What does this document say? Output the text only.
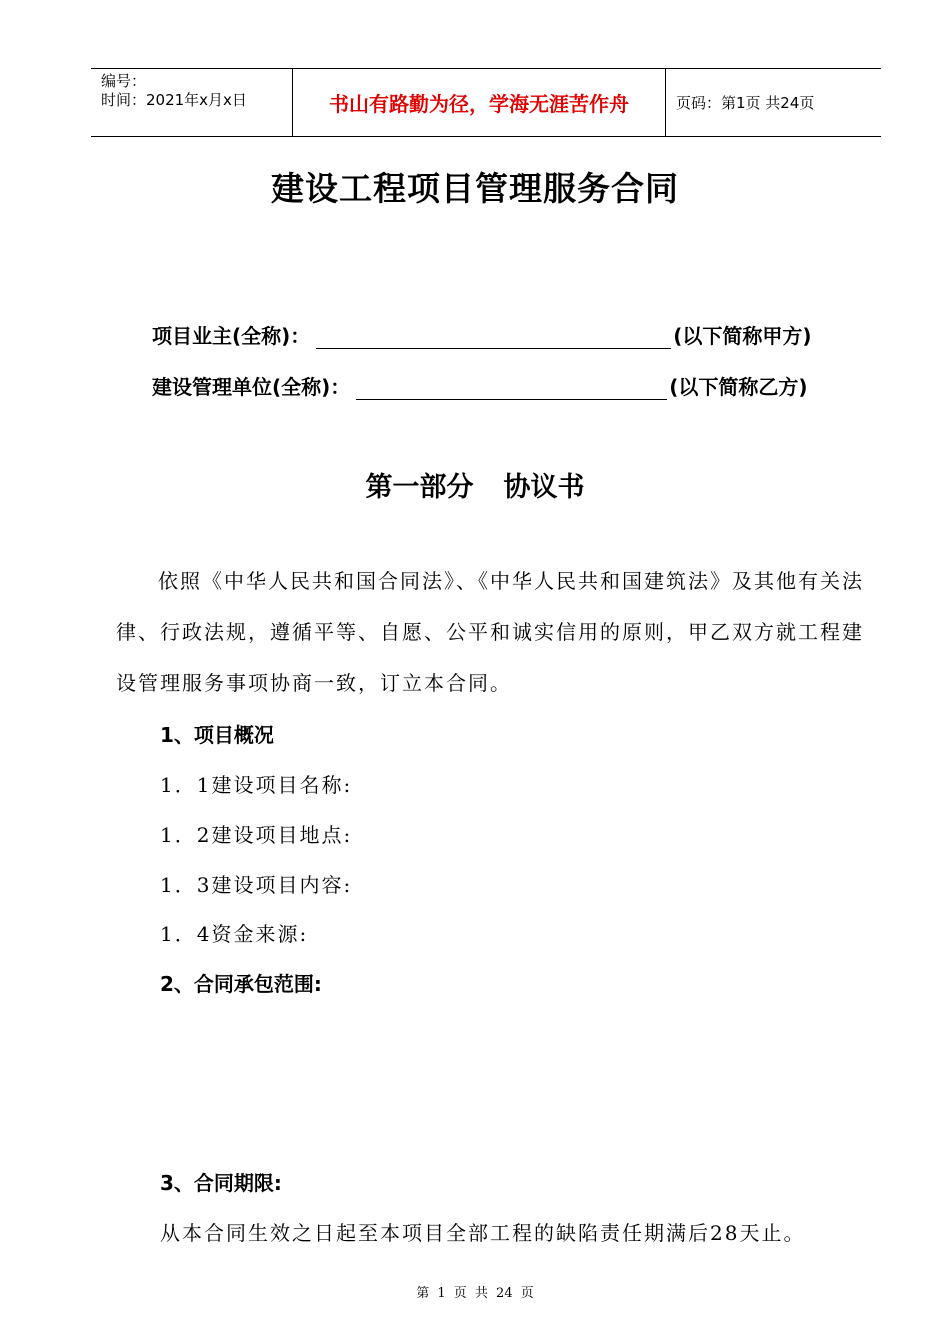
编号：
时间：2021年x月x日	书山有路勤为径，学海无涯苦作舟	页码：第1页 共24页
建设工程项目管理服务合同
项目业主(全称)：	(以下简称甲方)
建设管理单位(全称)：	(以下简称乙方)
第一部分 协议书
依照《中华人民共和国合同法》、《中华人民共和国建筑法》及其他有关法律、行政法规，遵循平等、自愿、公平和诚实信用的原则，甲乙双方就工程建设管理服务事项协商一致，订立本合同。
1、项目概况
1．1建设项目名称:
1．2建设项目地点:
1．3建设项目内容:
1．4资金来源:
2、合同承包范围:
3、合同期限:
从本合同生效之日起至本项目全部工程的缺陷责任期满后28天止。
第 1 页 共 24 页
